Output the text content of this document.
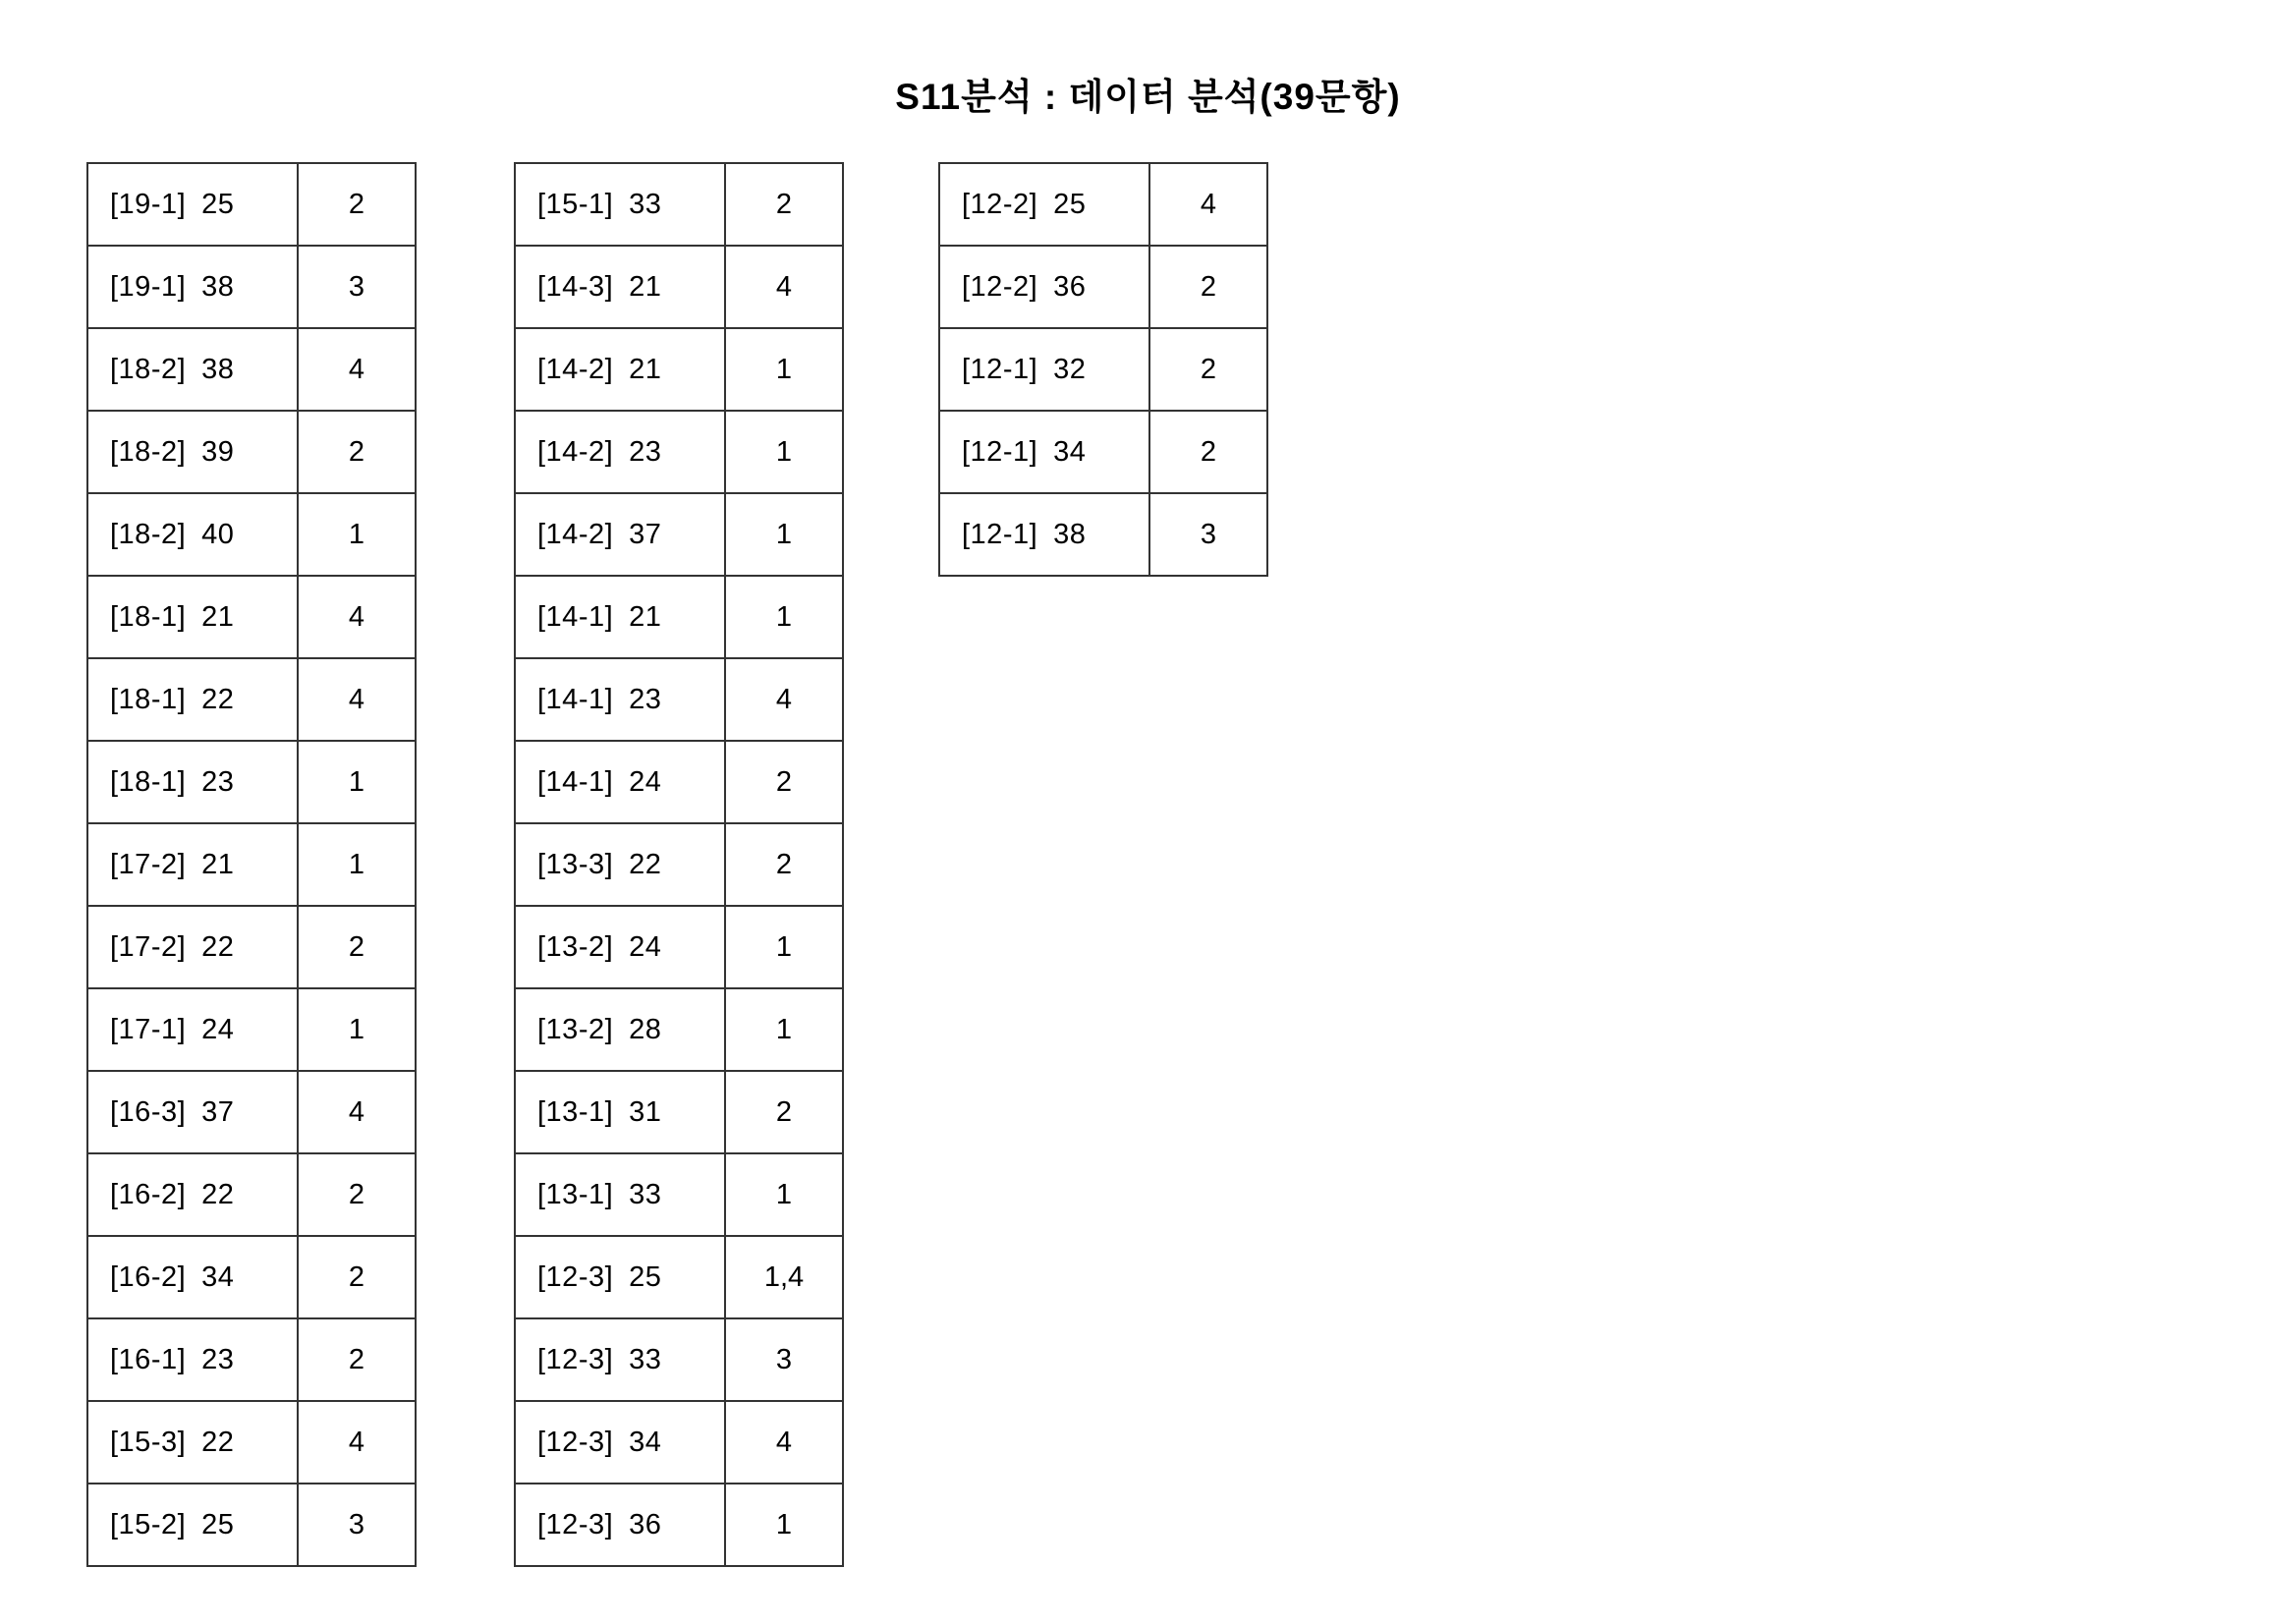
S11분석 : 데이터 분석(39문항)
[19-1] 25	2
[19-1] 38	3
[18-2] 38	4
[18-2] 39	2
[18-2] 40	1
[18-1] 21	4
[18-1] 22	4
[18-1] 23	1
[17-2] 21	1
[17-2] 22	2
[17-1] 24	1
[16-3] 37	4
[16-2] 22	2
[16-2] 34	2
[16-1] 23	2
[15-3] 22	4
[15-2] 25	3
[15-1] 33	2
[14-3] 21	4
[14-2] 21	1
[14-2] 23	1
[14-2] 37	1
[14-1] 21	1
[14-1] 23	4
[14-1] 24	2
[13-3] 22	2
[13-2] 24	1
[13-2] 28	1
[13-1] 31	2
[13-1] 33	1
[12-3] 25	1,4
[12-3] 33	3
[12-3] 34	4
[12-3] 36	1
[12-2] 25	4
[12-2] 36	2
[12-1] 32	2
[12-1] 34	2
[12-1] 38	3
